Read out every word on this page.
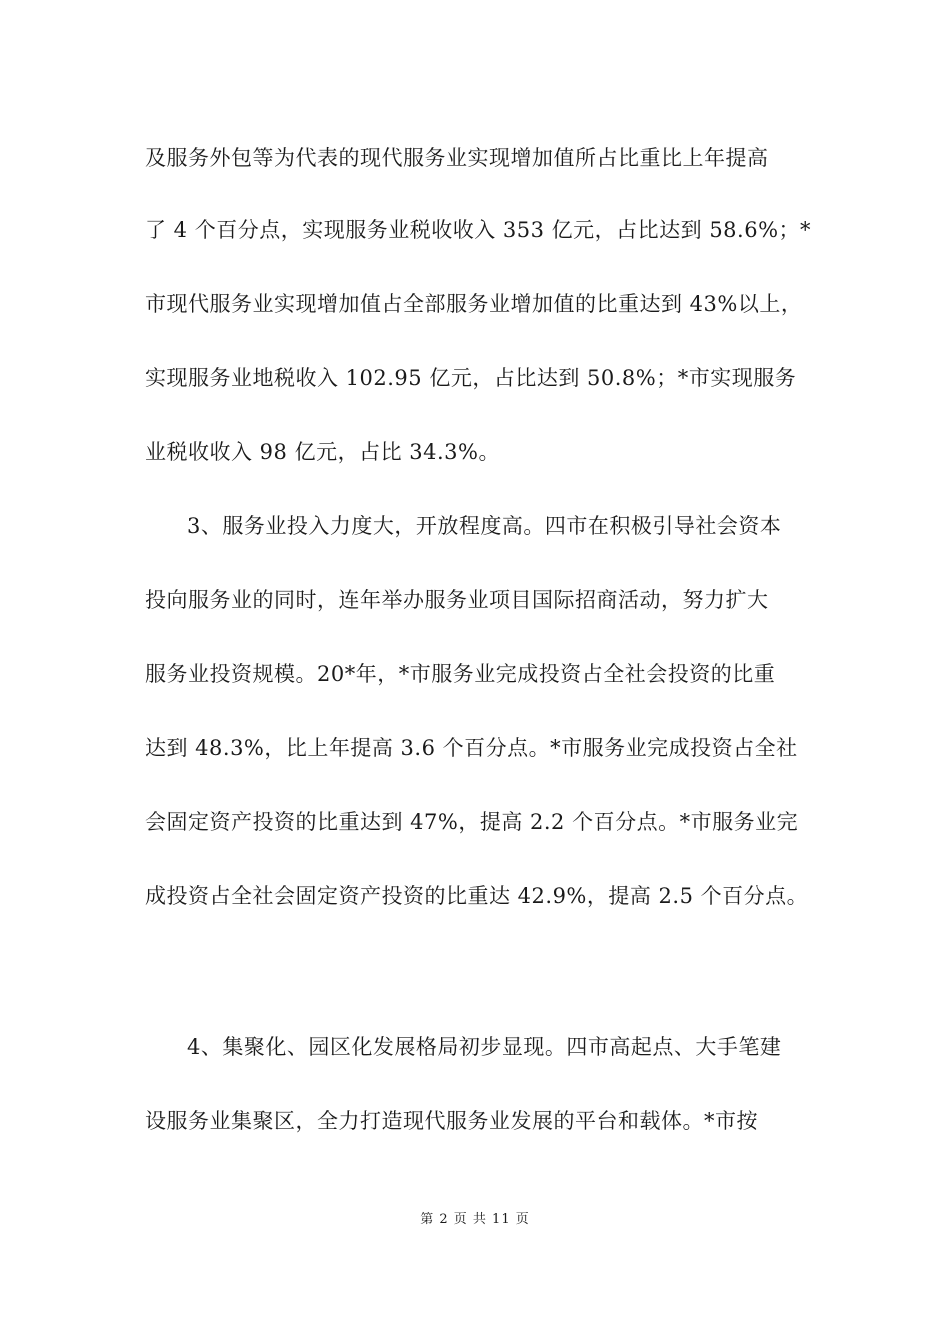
及服务外包等为代表的现代服务业实现增加值所占比重比上年提高
了 4 个百分点，实现服务业税收收入 353 亿元，占比达到 58.6%；*
市现代服务业实现增加值占全部服务业增加值的比重达到 43%以上，
实现服务业地税收入 102.95 亿元，占比达到 50.8%；*市实现服务
业税收收入 98 亿元，占比 34.3%。
3、服务业投入力度大，开放程度高。四市在积极引导社会资本
投向服务业的同时，连年举办服务业项目国际招商活动，努力扩大
服务业投资规模。20*年，*市服务业完成投资占全社会投资的比重
达到 48.3%，比上年提高 3.6 个百分点。*市服务业完成投资占全社
会固定资产投资的比重达到 47%，提高 2.2 个百分点。*市服务业完
成投资占全社会固定资产投资的比重达 42.9%，提高 2.5 个百分点。
4、集聚化、园区化发展格局初步显现。四市高起点、大手笔建
设服务业集聚区，全力打造现代服务业发展的平台和载体。*市按
第 2 页 共 11 页
